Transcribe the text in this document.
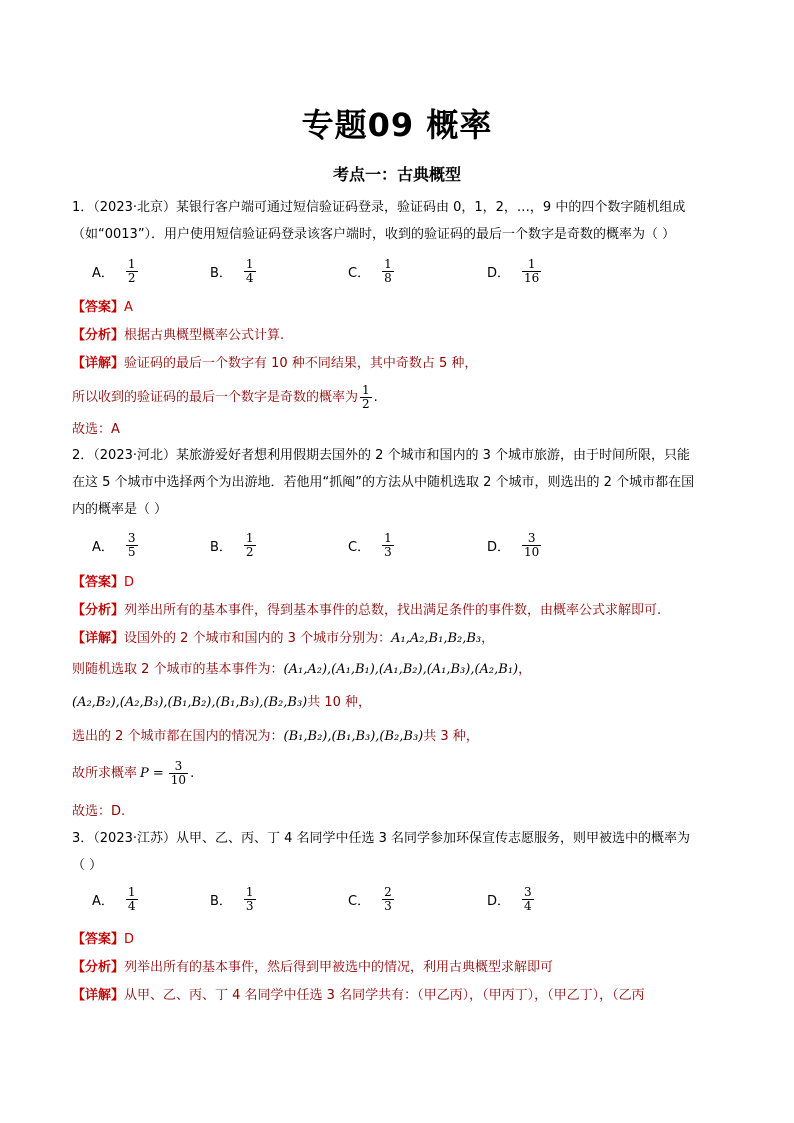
专题09 概率
考点一：古典概型
1．（2023·北京）某银行客户端可通过短信验证码登录，验证码由 0，1，2，…，9 中的四个数字随机组成
（如“0013”）．用户使用短信验证码登录该客户端时，收到的验证码的最后一个数字是奇数的概率为（ ）
A． $\frac{1}{2}$	B． $\frac{1}{4}$	C． $\frac{1}{8}$	D． $\frac{1}{16}$
【答案】A
【分析】根据古典概型概率公式计算.
【详解】验证码的最后一个数字有 10 种不同结果，其中奇数占 5 种，
所以收到的验证码的最后一个数字是奇数的概率为 $\frac{1}{2}$ .
故选：A
2．（2023·河北）某旅游爱好者想利用假期去国外的 2 个城市和国内的 3 个城市旅游，由于时间所限，只能
在这 5 个城市中选择两个为出游地．若他用“抓阄”的方法从中随机选取 2 个城市，则选出的 2 个城市都在国
内的概率是（ ）
A． $\frac{3}{5}$	B． $\frac{1}{2}$	C． $\frac{1}{3}$	D． $\frac{3}{10}$
【答案】D
【分析】列举出所有的基本事件，得到基本事件的总数，找出满足条件的事件数，由概率公式求解即可.
【详解】设国外的 2 个城市和国内的 3 个城市分别为：A₁,A₂,B₁,B₂,B₃，
则随机选取 2 个城市的基本事件为：(A₁,A₂),(A₁,B₁),(A₁,B₂),(A₁,B₃),(A₂,B₁)，
(A₂,B₂),(A₂,B₃),(B₁,B₂),(B₁,B₃),(B₂,B₃)共 10 种，
选出的 2 个城市都在国内的情况为：(B₁,B₂),(B₁,B₃),(B₂,B₃)共 3 种，
故所求概率 $P = \frac{3}{10}$ .
故选：D.
3．（2023·江苏）从甲、乙、丙、丁 4 名同学中任选 3 名同学参加环保宣传志愿服务，则甲被选中的概率为
（ ）
A． $\frac{1}{4}$	B． $\frac{1}{3}$	C． $\frac{2}{3}$	D． $\frac{3}{4}$
【答案】D
【分析】列举出所有的基本事件，然后得到甲被选中的情况，利用古典概型求解即可
【详解】从甲、乙、丙、丁 4 名同学中任选 3 名同学共有：（甲乙丙），（甲丙丁），（甲乙丁），（乙丙
